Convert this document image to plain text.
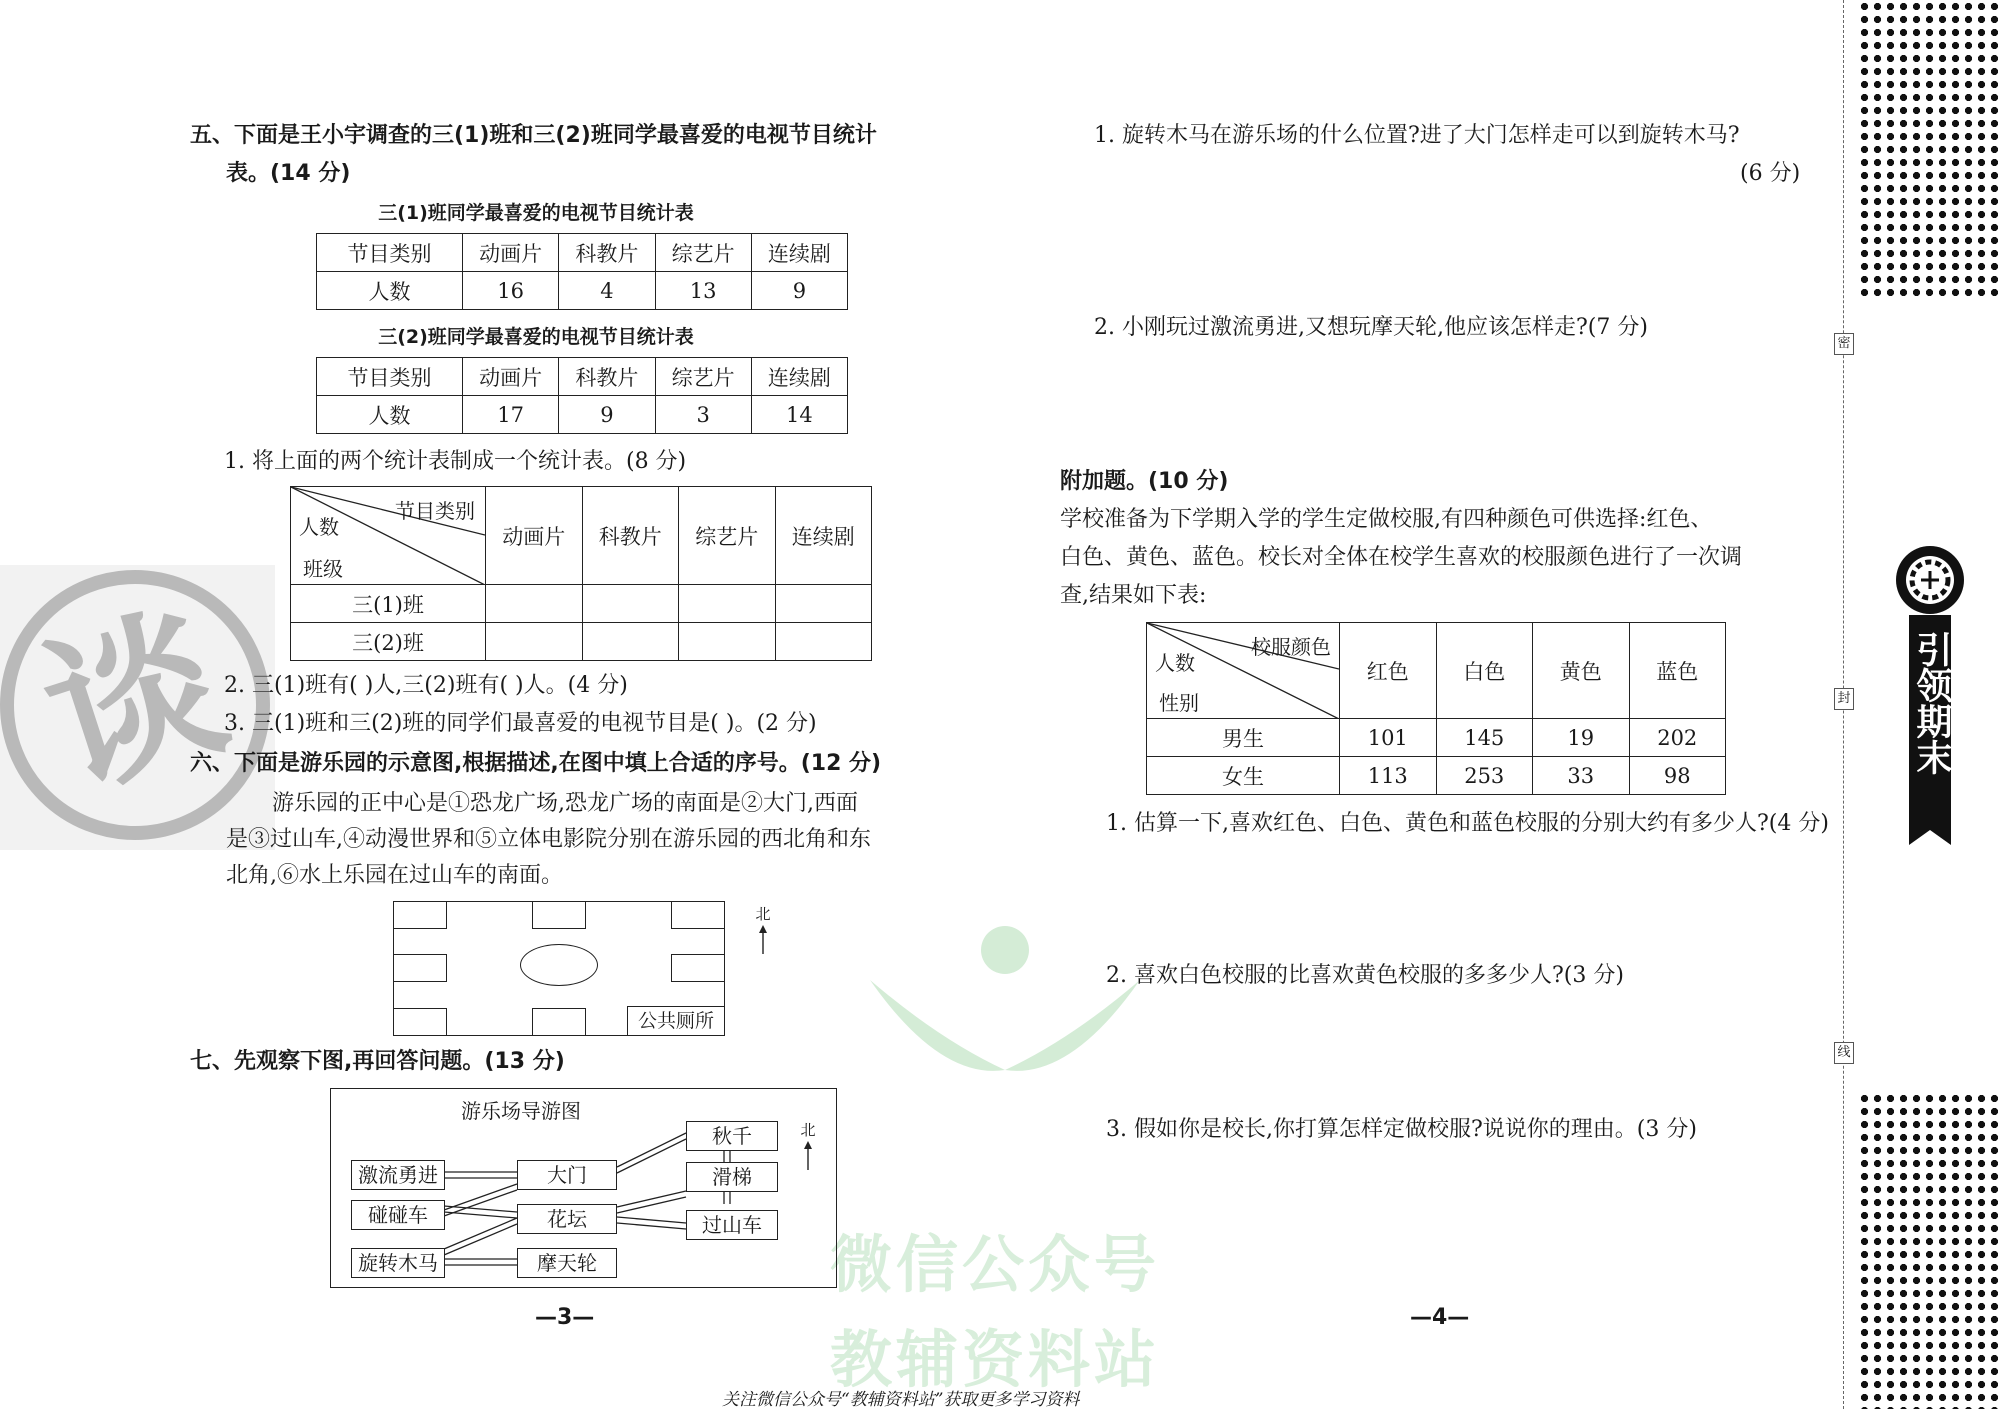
微信公众号
教辅资料站
谈
五、下面是王小宇调查的三(1)班和三(2)班同学最喜爱的电视节目统计
表。(14 分)
三(1)班同学最喜爱的电视节目统计表
节目类别	动画片	科教片	综艺片	连续剧
人数	16	4	13	9
三(2)班同学最喜爱的电视节目统计表
节目类别	动画片	科教片	综艺片	连续剧
人数	17	9	3	14
1. 将上面的两个统计表制成一个统计表。(8 分)
节目类别
人数
班级	动画片	科教片	综艺片	连续剧
三(1)班				
三(2)班				
2. 三(1)班有( )人,三(2)班有( )人。(4 分)
3. 三(1)班和三(2)班的同学们最喜爱的电视节目是( )。(2 分)
六、下面是游乐园的示意图,根据描述,在图中填上合适的序号。(12 分)
游乐园的正中心是①恐龙广场,恐龙广场的南面是②大门,西面
是③过山车,④动漫世界和⑤立体电影院分别在游乐园的西北角和东
北角,⑥水上乐园在过山车的南面。
公共厕所
北
七、先观察下图,再回答问题。(13 分)
游乐场导游图
激流勇进
碰碰车
旋转木马
大门
花坛
摩天轮
秋千
滑梯
过山车
北
—3—
1. 旋转木马在游乐场的什么位置?进了大门怎样走可以到旋转木马?
(6 分)
2. 小刚玩过激流勇进,又想玩摩天轮,他应该怎样走?(7 分)
附加题。(10 分)
学校准备为下学期入学的学生定做校服,有四种颜色可供选择:红色、
白色、黄色、蓝色。校长对全体在校学生喜欢的校服颜色进行了一次调
查,结果如下表:
校服颜色
人数
性别	红色	白色	黄色	蓝色
男生	101	145	19	202
女生	113	253	33	98
1. 估算一下,喜欢红色、白色、黄色和蓝色校服的分别大约有多少人?(4 分)
2. 喜欢白色校服的比喜欢黄色校服的多多少人?(3 分)
3. 假如你是校长,你打算怎样定做校服?说说你的理由。(3 分)
—4—
关注微信公众号“教辅资料站”获取更多学习资料
密
封
线
引领期末
